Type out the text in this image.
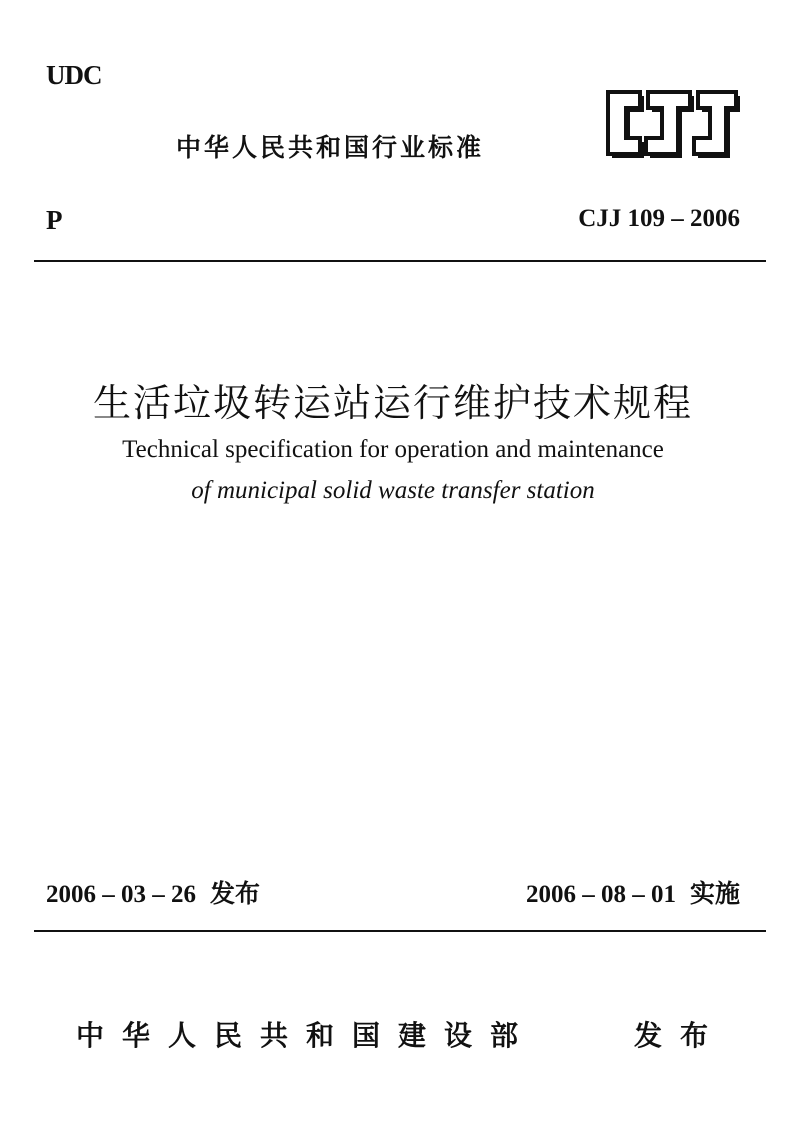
UDC
中华人民共和国行业标准
P	CJJ 109 – 2006
生活垃圾转运站运行维护技术规程
Technical specification for operation and maintenance
of municipal solid waste transfer station
2006 – 03 – 26 发布	2006 – 08 – 01 实施
中华人民共和国建设部	发布
